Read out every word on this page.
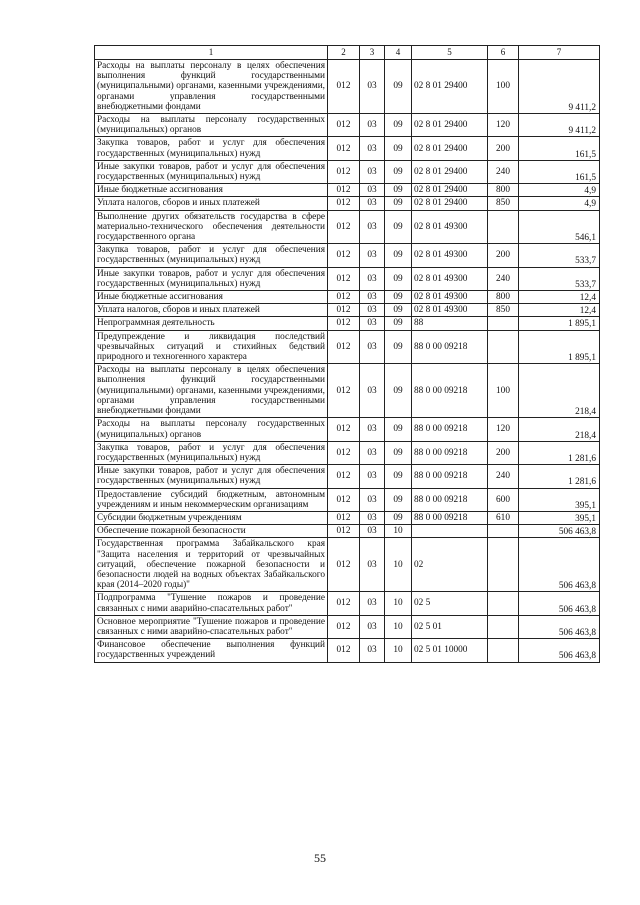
1	2	3	4	5	6	7
Расходы на выплаты персоналу в целях обеспечения выполнения функций государственными (муниципальными) органами, казенными учреждениями, органами управления государственными внебюджетными фондами	012	03	09	02 8 01 29400	100	9 411,2
Расходы на выплаты персоналу государственных (муниципальных) органов	012	03	09	02 8 01 29400	120	9 411,2
Закупка товаров, работ и услуг для обеспечения государственных (муниципальных) нужд	012	03	09	02 8 01 29400	200	161,5
Иные закупки товаров, работ и услуг для обеспечения государственных (муниципальных) нужд	012	03	09	02 8 01 29400	240	161,5
Иные бюджетные ассигнования	012	03	09	02 8 01 29400	800	4,9
Уплата налогов, сборов и иных платежей	012	03	09	02 8 01 29400	850	4,9
Выполнение других обязательств государства в сфере материально-технического обеспечения деятельности государственного органа	012	03	09	02 8 01 49300		546,1
Закупка товаров, работ и услуг для обеспечения государственных (муниципальных) нужд	012	03	09	02 8 01 49300	200	533,7
Иные закупки товаров, работ и услуг для обеспечения государственных (муниципальных) нужд	012	03	09	02 8 01 49300	240	533,7
Иные бюджетные ассигнования	012	03	09	02 8 01 49300	800	12,4
Уплата налогов, сборов и иных платежей	012	03	09	02 8 01 49300	850	12,4
Непрограммная деятельность	012	03	09	88		1 895,1
Предупреждение и ликвидация последствий чрезвычайных ситуаций и стихийных бедствий природного и техногенного характера	012	03	09	88 0 00 09218		1 895,1
Расходы на выплаты персоналу в целях обеспечения выполнения функций государственными (муниципальными) органами, казенными учреждениями, органами управления государственными внебюджетными фондами	012	03	09	88 0 00 09218	100	218,4
Расходы на выплаты персоналу государственных (муниципальных) органов	012	03	09	88 0 00 09218	120	218,4
Закупка товаров, работ и услуг для обеспечения государственных (муниципальных) нужд	012	03	09	88 0 00 09218	200	1 281,6
Иные закупки товаров, работ и услуг для обеспечения государственных (муниципальных) нужд	012	03	09	88 0 00 09218	240	1 281,6
Предоставление субсидий бюджетным, автономным учреждениям и иным некоммерческим организациям	012	03	09	88 0 00 09218	600	395,1
Субсидии бюджетным учреждениям	012	03	09	88 0 00 09218	610	395,1
Обеспечение пожарной безопасности	012	03	10			506 463,8
Государственная программа Забайкальского края "Защита населения и территорий от чрезвычайных ситуаций, обеспечение пожарной безопасности и безопасности людей на водных объектах Забайкальского края (2014–2020 годы)"	012	03	10	02		506 463,8
Подпрограмма "Тушение пожаров и проведение связанных с ними аварийно-спасательных работ"	012	03	10	02 5		506 463,8
Основное мероприятие "Тушение пожаров и проведение связанных с ними аварийно-спасательных работ"	012	03	10	02 5 01		506 463,8
Финансовое обеспечение выполнения функций государственных учреждений	012	03	10	02 5 01 10000		506 463,8
55
